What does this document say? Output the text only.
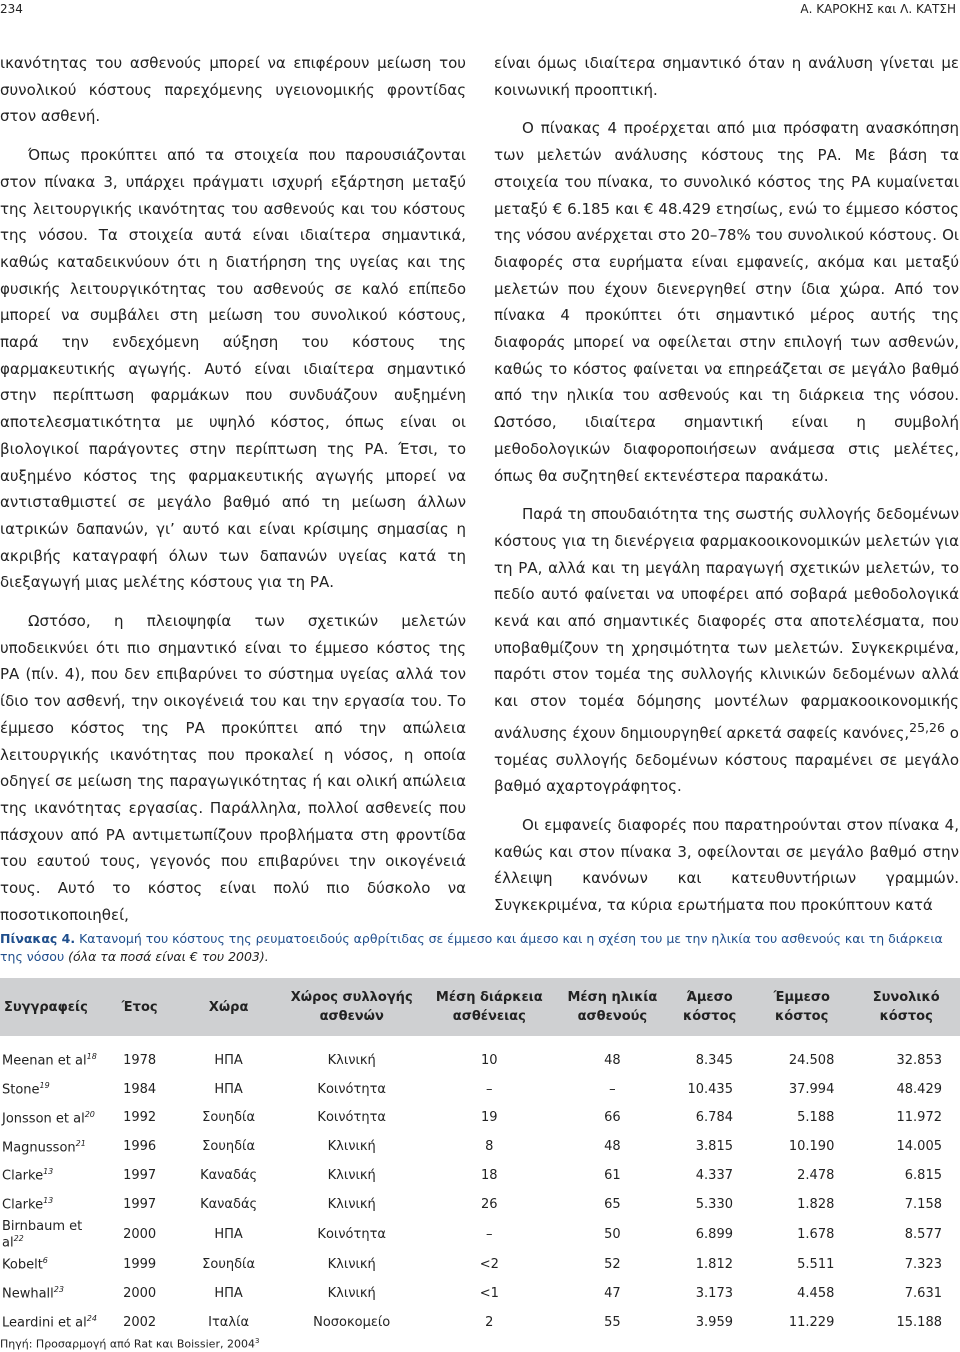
234	Α. ΚΑΡΟΚΗΣ και Λ. ΚΑΤΣΗ

ικανότητας του ασθενούς μπορεί να επιφέρουν μείωση του συνολικού κόστους παρεχόμενης υγειονομικής φροντίδας στον ασθενή.

Όπως προκύπτει από τα στοιχεία που παρουσιάζονται στον πίνακα 3, υπάρχει πράγματι ισχυρή εξάρτηση μεταξύ της λειτουργικής ικανότητας του ασθενούς και του κόστους της νόσου. Τα στοιχεία αυτά είναι ιδιαίτερα σημαντικά, καθώς καταδεικνύουν ότι η διατήρηση της υγείας και της φυσικής λειτουργικότητας του ασθενούς σε καλό επίπεδο μπορεί να συμβάλει στη μείωση του συνολικού κόστους, παρά την ενδεχόμενη αύξηση του κόστους της φαρμακευτικής αγωγής. Αυτό είναι ιδιαίτερα σημαντικό στην περίπτωση φαρμάκων που συνδυάζουν αυξημένη αποτελεσματικότητα με υψηλό κόστος, όπως είναι οι βιολογικοί παράγοντες στην περίπτωση της ΡΑ. Έτσι, το αυξημένο κόστος της φαρμακευτικής αγωγής μπορεί να αντισταθμιστεί σε μεγάλο βαθμό από τη μείωση άλλων ιατρικών δαπανών, γι’ αυτό και είναι κρίσιμης σημασίας η ακριβής καταγραφή όλων των δαπανών υγείας κατά τη διεξαγωγή μιας μελέτης κόστους για τη ΡΑ.

Ωστόσο, η πλειοψηφία των σχετικών μελετών υποδεικνύει ότι πιο σημαντικό είναι το έμμεσο κόστος της ΡΑ (πίν. 4), που δεν επιβαρύνει το σύστημα υγείας αλλά τον ίδιο τον ασθενή, την οικογένειά του και την εργασία του. Το έμμεσο κόστος της ΡΑ προκύπτει από την απώλεια λειτουργικής ικανότητας που προκαλεί η νόσος, η οποία οδηγεί σε μείωση της παραγωγικότητας ή και ολική απώλεια της ικανότητας εργασίας. Παράλληλα, πολλοί ασθενείς που πάσχουν από ΡΑ αντιμετωπίζουν προβλήματα στη φροντίδα του εαυτού τους, γεγονός που επιβαρύνει την οικογένειά τους. Αυτό το κόστος είναι πολύ πιο δύσκολο να ποσοτικοποιηθεί,

είναι όμως ιδιαίτερα σημαντικό όταν η ανάλυση γίνεται με κοινωνική προοπτική.

Ο πίνακας 4 προέρχεται από μια πρόσφατη ανασκόπηση των μελετών ανάλυσης κόστους της ΡΑ. Με βάση τα στοιχεία του πίνακα, το συνολικό κόστος της ΡΑ κυμαίνεται μεταξύ € 6.185 και € 48.429 ετησίως, ενώ το έμμεσο κόστος της νόσου ανέρχεται στο 20–78% του συνολικού κόστους. Οι διαφορές στα ευρήματα είναι εμφανείς, ακόμα και μεταξύ μελετών που έχουν διενεργηθεί στην ίδια χώρα. Από τον πίνακα 4 προκύπτει ότι σημαντικό μέρος αυτής της διαφοράς μπορεί να οφείλεται στην επιλογή των ασθενών, καθώς το κόστος φαίνεται να επηρεάζεται σε μεγάλο βαθμό από την ηλικία του ασθενούς και τη διάρκεια της νόσου. Ωστόσο, ιδιαίτερα σημαντική είναι η συμβολή μεθοδολογικών διαφοροποιήσεων ανάμεσα στις μελέτες, όπως θα συζητηθεί εκτενέστερα παρακάτω.

Παρά τη σπουδαιότητα της σωστής συλλογής δεδομένων κόστους για τη διενέργεια φαρμακοοικονομικών μελετών για τη ΡΑ, αλλά και τη μεγάλη παραγωγή σχετικών μελετών, το πεδίο αυτό φαίνεται να υποφέρει από σοβαρά μεθοδολογικά κενά και από σημαντικές διαφορές στα αποτελέσματα, που υποβαθμίζουν τη χρησιμότητα των μελετών. Συγκεκριμένα, παρότι στον τομέα της συλλογής κλινικών δεδομένων αλλά και στον τομέα δόμησης μοντέλων φαρμακοοικονομικής ανάλυσης έχουν δημιουργηθεί αρκετά σαφείς κανόνες,$^{25,26}$ ο τομέας συλλογής δεδομένων κόστους παραμένει σε μεγάλο βαθμό αχαρτογράφητος.

Οι εμφανείς διαφορές που παρατηρούνται στον πίνακα 4, καθώς και στον πίνακα 3, οφείλονται σε μεγάλο βαθμό στην έλλειψη κανόνων και κατευθυντήριων γραμμών. Συγκεκριμένα, τα κύρια ερωτήματα που προκύπτουν κατά

Πίνακας 4. Κατανομή του κόστους της ρευματοειδούς αρθρίτιδας σε έμμεσο και άμεσο και η σχέση του με την ηλικία του ασθενούς και τη διάρκεια της νόσου (όλα τα ποσά είναι € του 2003).
Συγγραφείς	Έτος	Χώρα	Χώρος συλλογής ασθενών	Μέση διάρκεια ασθένειας	Μέση ηλικία ασθενούς	Άμεσο κόστος	Έμμεσο κόστος	Συνολικό κόστος
Meenan et $al^{18}$	1978	ΗΠΑ	Κλινική	10	48	8.345	24.508	32.853
Stone$^{19}$	1984	ΗΠΑ	Κοινότητα	–	–	10.435	37.994	48.429
Jonsson et $al^{20}$	1992	Σουηδία	Κοινότητα	19	66	6.784	5.188	11.972
Magnusson$^{21}$	1996	Σουηδία	Κλινική	8	48	3.815	10.190	14.005
Clarke$^{13}$	1997	Καναδάς	Κλινική	18	61	4.337	2.478	6.815
Clarke$^{13}$	1997	Καναδάς	Κλινική	26	65	5.330	1.828	7.158
Birnbaum et $al^{22}$	2000	ΗΠΑ	Κοινότητα	–	50	6.899	1.678	8.577
Kobelt$^6$	1999	Σουηδία	Κλινική	<2	52	1.812	5.511	7.323
Newhall$^{23}$	2000	ΗΠΑ	Κλινική	<1	47	3.173	4.458	7.631
Leardini et $al^{24}$	2002	Ιταλία	Νοσοκομείο	2	55	3.959	11.229	15.188
Πηγή: Προσαρμογή από Rat και Boissier, 2004$^3$
